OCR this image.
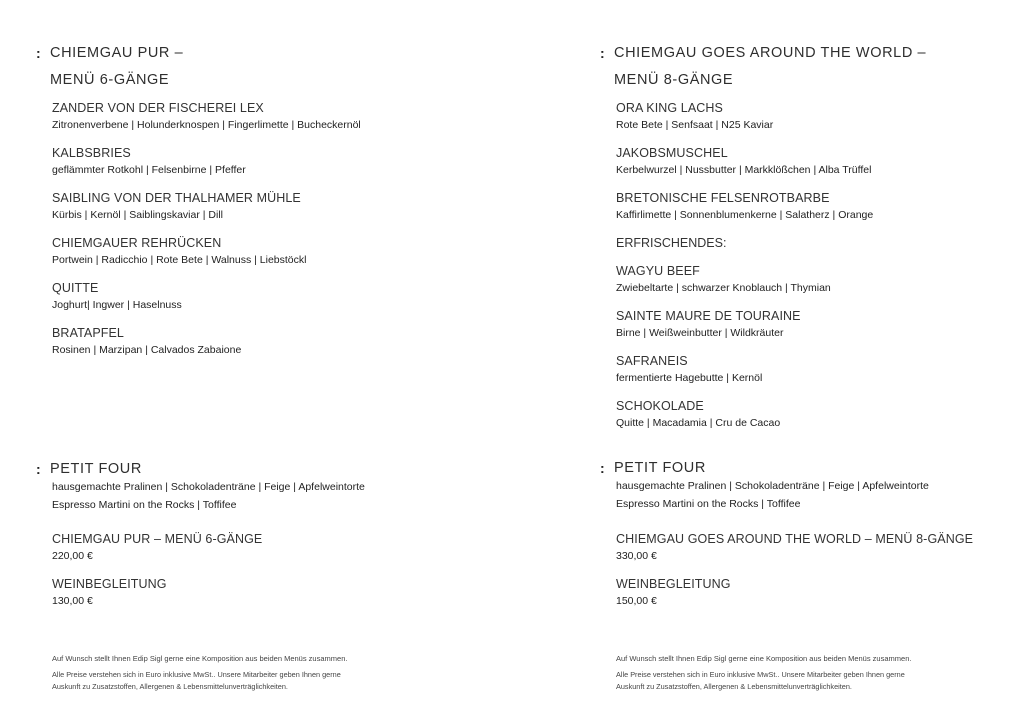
: CHIEMGAU PUR –
MENÜ 6-GÄNGE
ZANDER VON DER FISCHEREI LEX
Zitronenverbene | Holunderknospen | Fingerlimette | Bucheckernöl
KALBSBRIES
geflämmter Rotkohl | Felsenbirne | Pfeffer
SAIBLING VON DER THALHAMER MÜHLE
Kürbis | Kernöl | Saiblingskaviar | Dill
CHIEMGAUER REHRÜCKEN
Portwein | Radicchio | Rote Bete | Walnuss | Liebstöckl
QUITTE
Joghurt| Ingwer | Haselnuss
BRATAPFEL
Rosinen | Marzipan | Calvados Zabaione
: PETIT FOUR
hausgemachte Pralinen | Schokoladenträne | Feige | Apfelweintorte
Espresso Martini on the Rocks | Toffifee
CHIEMGAU PUR – MENÜ 6-GÄNGE
220,00 €
WEINBEGLEITUNG
130,00 €
Auf Wunsch stellt Ihnen Edip Sigl gerne eine Komposition aus beiden Menüs zusammen.
Alle Preise verstehen sich in Euro inklusive MwSt.. Unsere Mitarbeiter geben Ihnen gerne
Auskunft zu Zusatzstoffen, Allergenen & Lebensmittelunverträglichkeiten.
: CHIEMGAU GOES AROUND THE WORLD –
MENÜ 8-GÄNGE
ORA KING LACHS
Rote Bete | Senfsaat | N25 Kaviar
JAKOBSMUSCHEL
Kerbelwurzel | Nussbutter | Markklößchen | Alba Trüffel
BRETONISCHE FELSENROTBARBE
Kaffirlimette | Sonnenblumenkerne | Salatherz | Orange
ERFRISCHENDES:
WAGYU BEEF
Zwiebeltarte | schwarzer Knoblauch | Thymian
SAINTE MAURE DE TOURAINE
Birne | Weißweinbutter | Wildkräuter
SAFRANEIS
fermentierte Hagebutte | Kernöl
SCHOKOLADE
Quitte | Macadamia | Cru de Cacao
: PETIT FOUR
hausgemachte Pralinen | Schokoladenträne | Feige | Apfelweintorte
Espresso Martini on the Rocks | Toffifee
CHIEMGAU GOES AROUND THE WORLD – MENÜ 8-GÄNGE
330,00 €
WEINBEGLEITUNG
150,00 €
Auf Wunsch stellt Ihnen Edip Sigl gerne eine Komposition aus beiden Menüs zusammen.
Alle Preise verstehen sich in Euro inklusive MwSt.. Unsere Mitarbeiter geben Ihnen gerne
Auskunft zu Zusatzstoffen, Allergenen & Lebensmittelunverträglichkeiten.
